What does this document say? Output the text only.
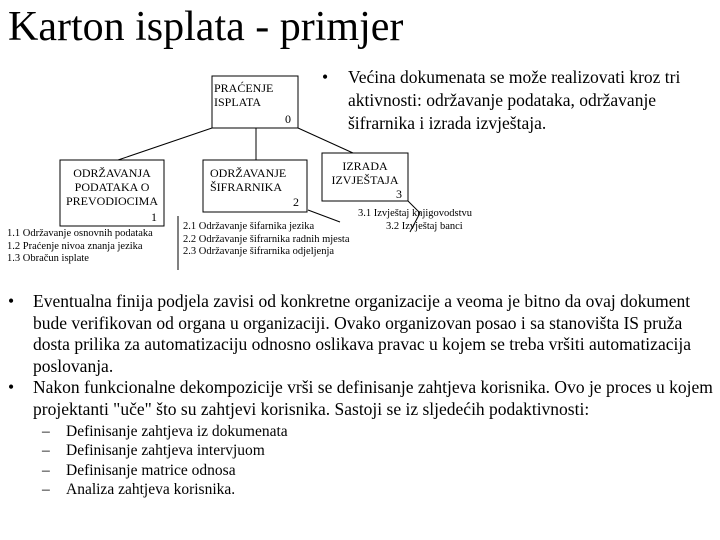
Karton isplata - primjer
PRAĆENJE
ISPLATA
0
ODRŽAVANJA
PODATAKA O
PREVODIOCIMA
1
1.1 Održavanje osnovnih podataka
1.2 Praćenje nivoa znanja jezika
1.3 Obračun isplate
ODRŽAVANJE
ŠIFRARNIKA
2
2.1 Održavanje šifarnika jezika
2.2 Održavanje šifrarnika radnih mjesta
2.3 Održavanje šifrarnika odjeljenja
IZRADA
IZVJEŠTAJA
3
3.1 Izvještaj knjigovodstvu
3.2 Izvještaj banci
• Većina dokumenata se može realizovati kroz tri aktivnosti: održavanje podataka, održavanje šifrarnika i izrada izvještaja.
• Eventualna finija podjela zavisi od konkretne organizacije a veoma je bitno da ovaj dokument bude verifikovan od organa u organizaciji. Ovako organizovan posao i sa stanovišta IS pruža dosta prilika za automatizaciju odnosno oslikava pravac u kojem se treba vršiti automatizacija poslovanja.
• Nakon funkcionalne dekompozicije vrši se definisanje zahtjeva korisnika. Ovo je proces u kojem projektanti "uče" što su zahtjevi korisnika. Sastoji se iz sljedećih podaktivnosti:
– Definisanje zahtjeva iz dokumenata
– Definisanje zahtjeva intervjuom
– Definisanje matrice odnosa
– Analiza zahtjeva korisnika.
